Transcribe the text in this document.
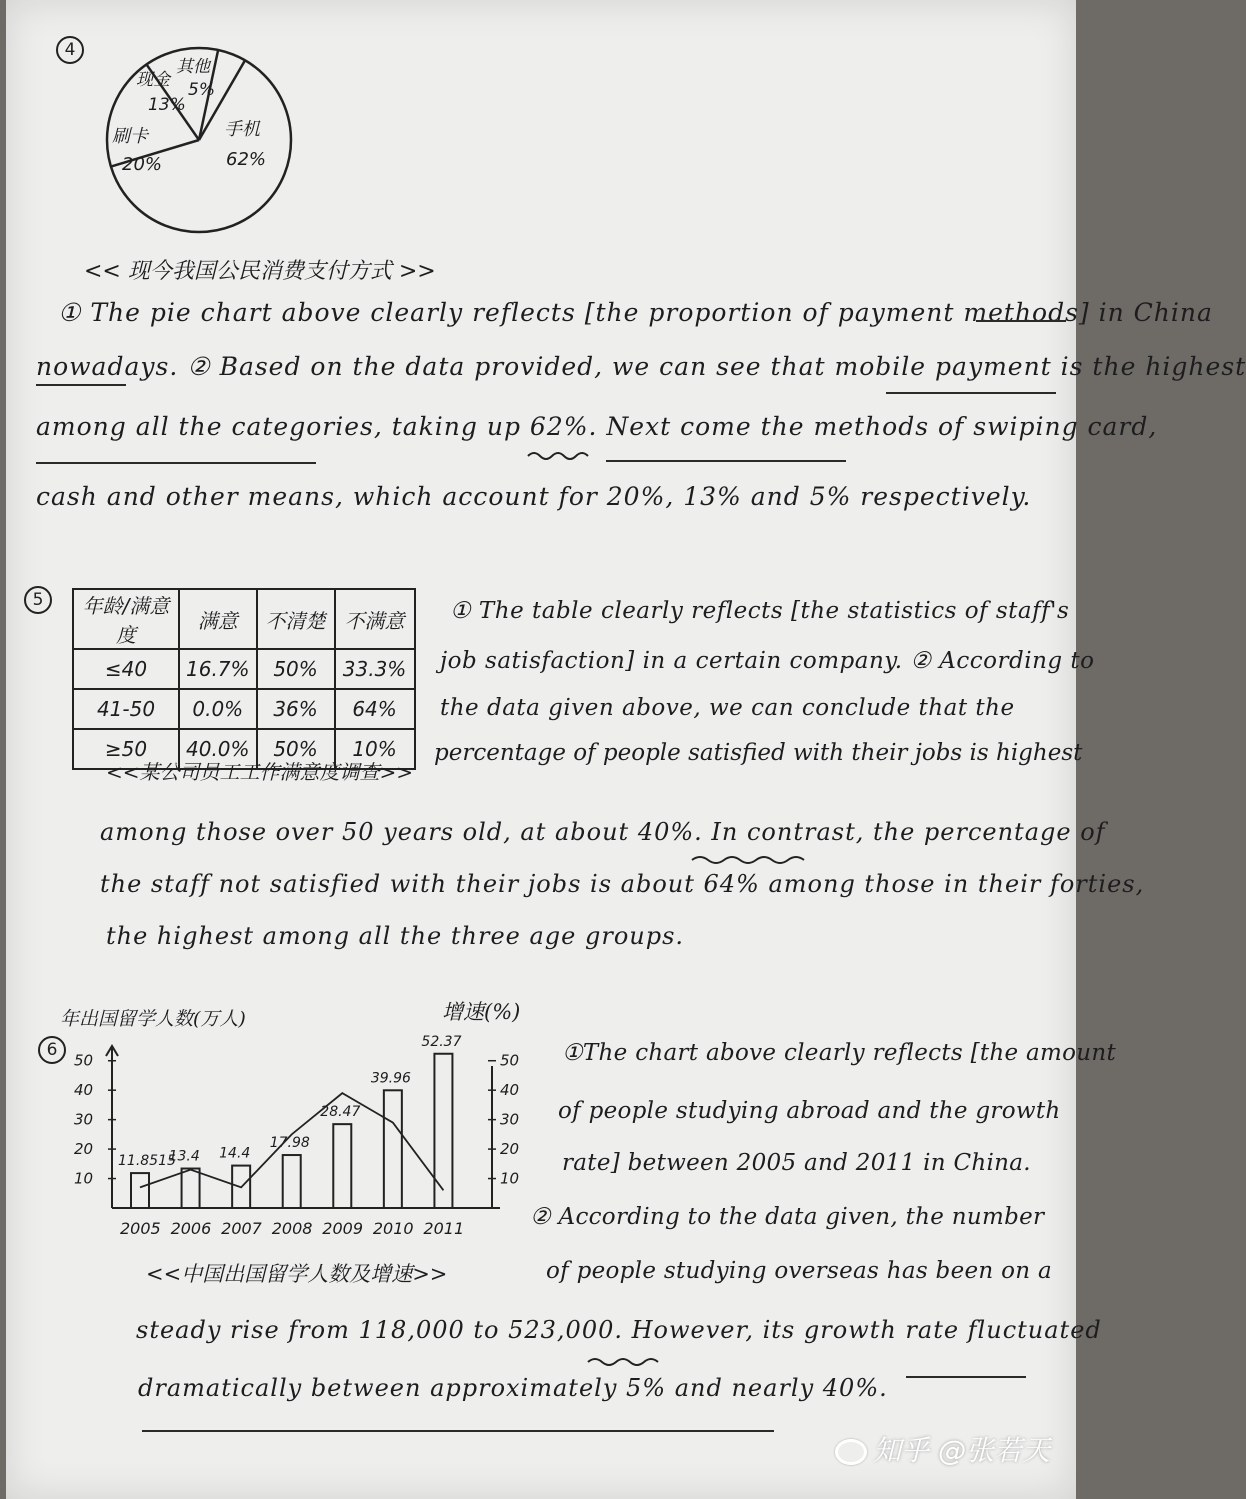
4
手机
62%
刷卡
20%
现金
13%
其他
5%
<< 现今我国公民消费支付方式 >>
① The pie chart above clearly reflects [the proportion of payment methods] in China
nowadays. ② Based on the data provided, we can see that mobile payment is the highest
among all the categories, taking up 62%. Next come the methods of swiping card,
cash and other means, which account for 20%, 13% and 5% respectively.
5	年龄/满意度	满意	不清楚	不满意
≤40	16.7%	50%	33.3%
41-50	0.0%	36%	64%
≥50	40.0%	50%	10%
<<某公司员工工作满意度调查>>
① The table clearly reflects [the statistics of staff's
job satisfaction] in a certain company. ② According to
the data given above, we can conclude that the
percentage of people satisfied with their jobs is highest
among those over 50 years old, at about 40%. In contrast, the percentage of
the staff not satisfied with their jobs is about 64% among those in their forties,
the highest among all the three age groups.
6
年出国留学人数(万人)	增速(%)
10
20
30
40
50
10
20
30
40
50
11.8515
2005
13.4
2006
14.4
2007
17.98
2008
28.47
2009
39.96
2010
52.37
2011
<<中国出国留学人数及增速>>
①The chart above clearly reflects [the amount
of people studying abroad and the growth
rate] between 2005 and 2011 in China.
② According to the data given, the number
of people studying overseas has been on a
steady rise from 118,000 to 523,000. However, its growth rate fluctuated
dramatically between approximately 5% and nearly 40%.
知乎 @张若天
